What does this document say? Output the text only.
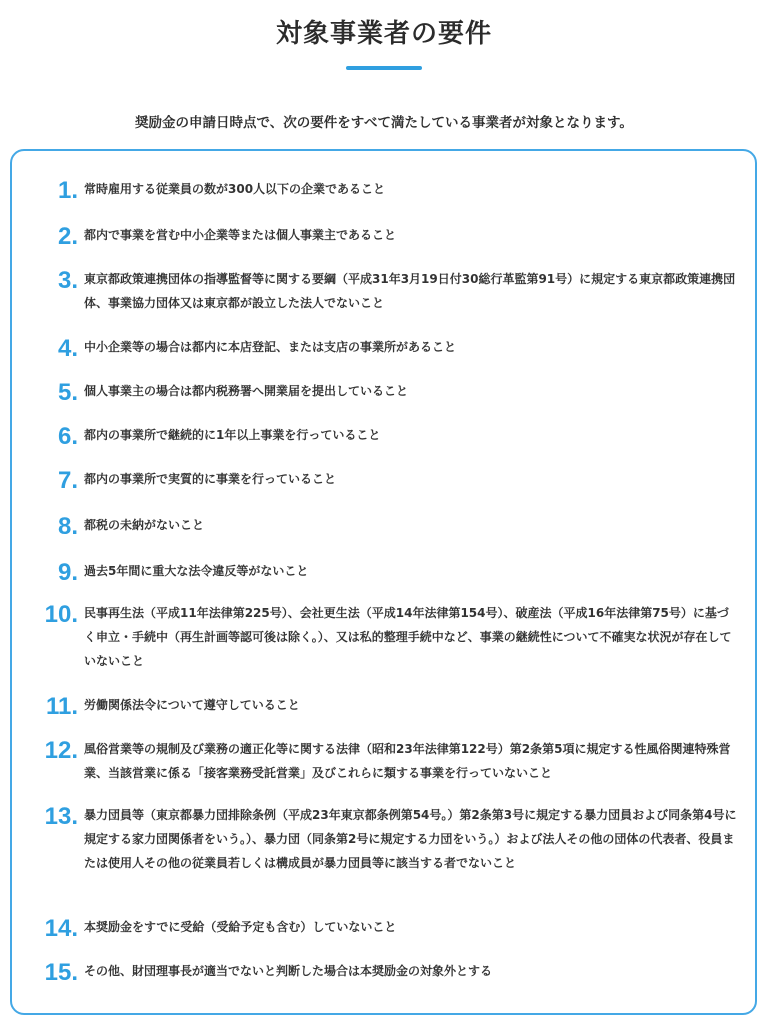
対象事業者の要件

奨励金の申請日時点で、次の要件をすべて満たしている事業者が対象となります。

1. 常時雇用する従業員の数が300人以下の企業であること
2. 都内で事業を営む中小企業等または個人事業主であること
3. 東京都政策連携団体の指導監督等に関する要綱（平成31年3月19日付30総行革監第91号）に規定する東京都政策連携団体、事業協力団体又は東京都が設立した法人でないこと
4. 中小企業等の場合は都内に本店登記、または支店の事業所があること
5. 個人事業主の場合は都内税務署へ開業届を提出していること
6. 都内の事業所で継続的に1年以上事業を行っていること
7. 都内の事業所で実質的に事業を行っていること
8. 都税の未納がないこと
9. 過去5年間に重大な法令違反等がないこと
10. 民事再生法（平成11年法律第225号）、会社更生法（平成14年法律第154号）、破産法（平成16年法律第75号）に基づく申立・手続中（再生計画等認可後は除く。）、又は私的整理手続中など、事業の継続性について不確実な状況が存在していないこと
11. 労働関係法令について遵守していること
12. 風俗営業等の規制及び業務の適正化等に関する法律（昭和23年法律第122号）第2条第5項に規定する性風俗関連特殊営業、当該営業に係る「接客業務受託営業」及びこれらに類する事業を行っていないこと
13. 暴力団員等（東京都暴力団排除条例（平成23年東京都条例第54号。）第2条第3号に規定する暴力団員および同条第4号に規定する家力団関係者をいう。）、暴力団（同条第2号に規定する力団をいう。）および法人その他の団体の代表者、役員または使用人その他の従業員若しくは構成員が暴力団員等に該当する者でないこと
14. 本奨励金をすでに受給（受給予定も含む）していないこと
15. その他、財団理事長が適当でないと判断した場合は本奨励金の対象外とする
